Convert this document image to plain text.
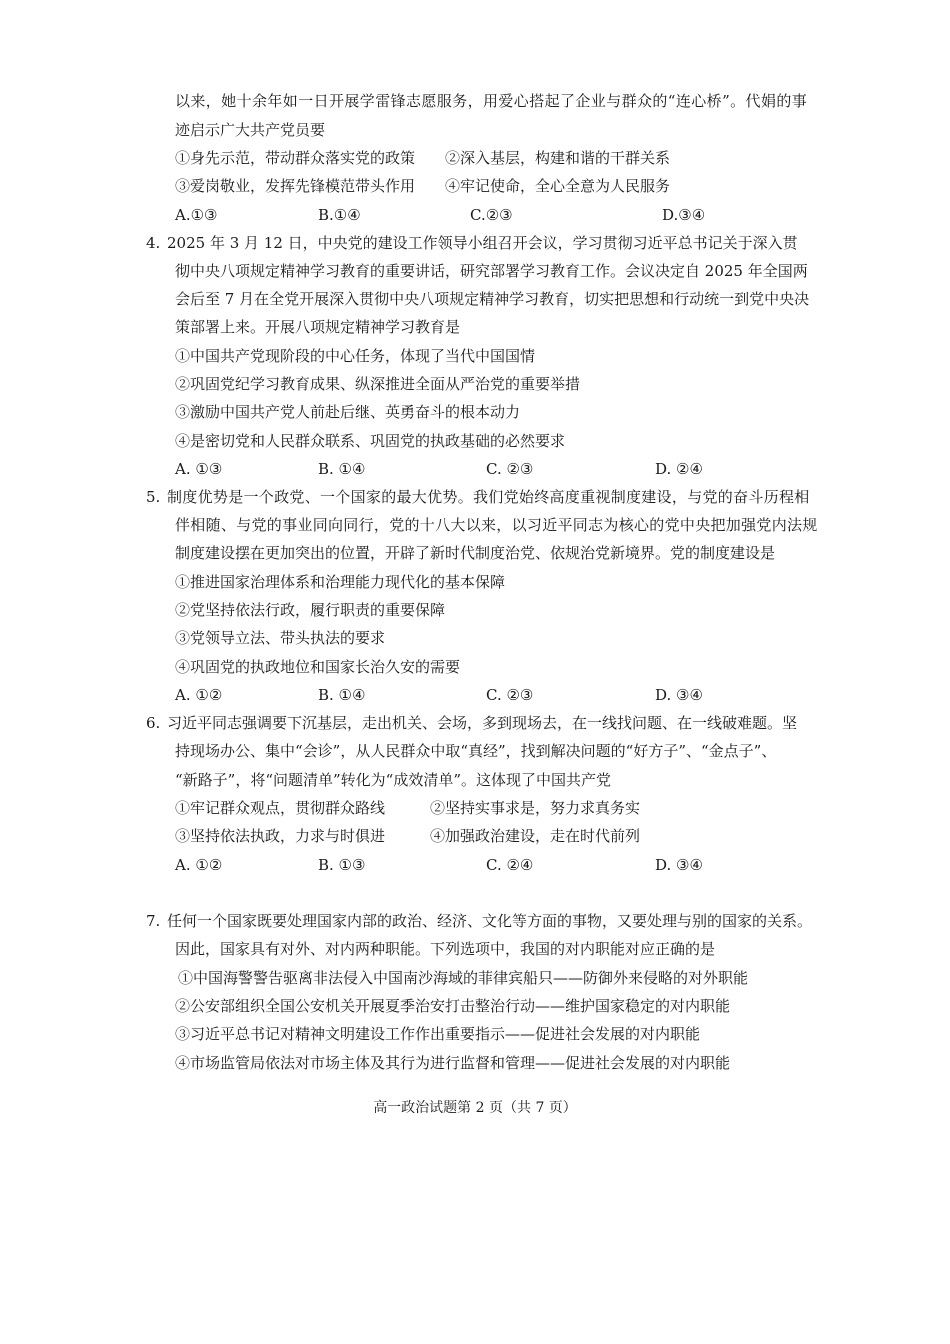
以来，她十余年如一日开展学雷锋志愿服务，用爱心搭起了企业与群众的“连心桥”。代娟的事
迹启示广大共产党员要
①身先示范，带动群众落实党的政策 ②深入基层，构建和谐的干群关系
③爱岗敬业，发挥先锋模范带头作用 ④牢记使命，全心全意为人民服务
A.①③	B.①④	C.②③	D.③④
4. 2025 年 3 月 12 日，中央党的建设工作领导小组召开会议，学习贯彻习近平总书记关于深入贯
彻中央八项规定精神学习教育的重要讲话，研究部署学习教育工作。会议决定自 2025 年全国两
会后至 7 月在全党开展深入贯彻中央八项规定精神学习教育，切实把思想和行动统一到党中央决
策部署上来。开展八项规定精神学习教育是
①中国共产党现阶段的中心任务，体现了当代中国国情
②巩固党纪学习教育成果、纵深推进全面从严治党的重要举措
③激励中国共产党人前赴后继、英勇奋斗的根本动力
④是密切党和人民群众联系、巩固党的执政基础的必然要求
A. ①③	B. ①④	C. ②③	D. ②④
5. 制度优势是一个政党、一个国家的最大优势。我们党始终高度重视制度建设，与党的奋斗历程相
伴相随、与党的事业同向同行，党的十八大以来，以习近平同志为核心的党中央把加强党内法规
制度建设摆在更加突出的位置，开辟了新时代制度治党、依规治党新境界。党的制度建设是
①推进国家治理体系和治理能力现代化的基本保障
②党坚持依法行政，履行职责的重要保障
③党领导立法、带头执法的要求
④巩固党的执政地位和国家长治久安的需要
A. ①②	B. ①④	C. ②③	D. ③④
6. 习近平同志强调要下沉基层，走出机关、会场，多到现场去，在一线找问题、在一线破难题。坚
持现场办公、集中“会诊”，从人民群众中取“真经”，找到解决问题的“好方子”、“金点子”、
“新路子”，将“问题清单”转化为“成效清单”。这体现了中国共产党
①牢记群众观点，贯彻群众路线	②坚持实事求是，努力求真务实
③坚持依法执政，力求与时俱进	④加强政治建设，走在时代前列
A. ①②	B. ①③	C. ②④	D. ③④
7. 任何一个国家既要处理国家内部的政治、经济、文化等方面的事物，又要处理与别的国家的关系。
因此，国家具有对外、对内两种职能。下列选项中，我国的对内职能对应正确的是
①中国海警警告驱离非法侵入中国南沙海域的菲律宾船只——防御外来侵略的对外职能
②公安部组织全国公安机关开展夏季治安打击整治行动——维护国家稳定的对内职能
③习近平总书记对精神文明建设工作作出重要指示——促进社会发展的对内职能
④市场监管局依法对市场主体及其行为进行监督和管理——促进社会发展的对内职能
高一政治试题第 2 页（共 7 页）
